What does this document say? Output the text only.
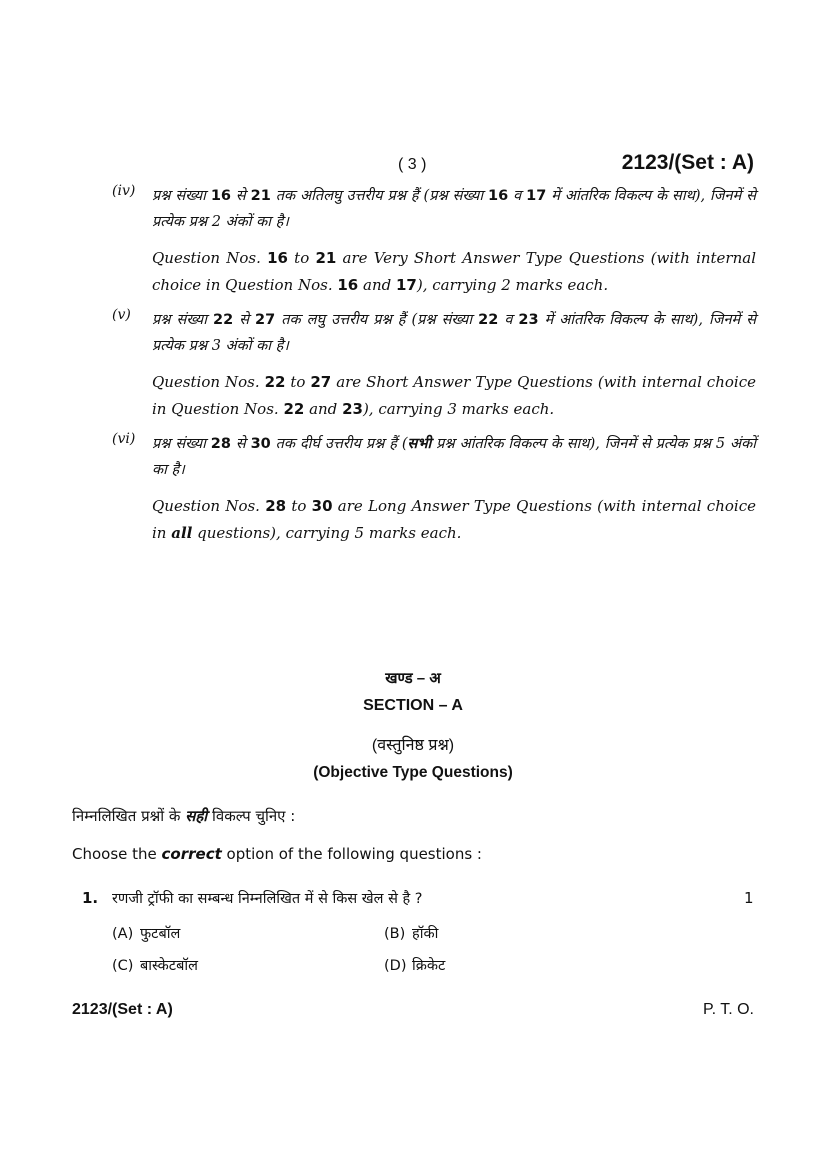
( 3 )	2123/(Set : A)
(iv) प्रश्न संख्या 16 से 21 तक अतिलघु उत्तरीय प्रश्न हैं (प्रश्न संख्या 16 व 17 में आंतरिक विकल्प के साथ), जिनमें से प्रत्येक प्रश्न 2 अंकों का है।
Question Nos. 16 to 21 are Very Short Answer Type Questions (with internal choice in Question Nos. 16 and 17), carrying 2 marks each.
(v) प्रश्न संख्या 22 से 27 तक लघु उत्तरीय प्रश्न हैं (प्रश्न संख्या 22 व 23 में आंतरिक विकल्प के साथ), जिनमें से प्रत्येक प्रश्न 3 अंकों का है।
Question Nos. 22 to 27 are Short Answer Type Questions (with internal choice in Question Nos. 22 and 23), carrying 3 marks each.
(vi) प्रश्न संख्या 28 से 30 तक दीर्घ उत्तरीय प्रश्न हैं (सभी प्रश्न आंतरिक विकल्प के साथ), जिनमें से प्रत्येक प्रश्न 5 अंकों का है।
Question Nos. 28 to 30 are Long Answer Type Questions (with internal choice in all questions), carrying 5 marks each.
खण्ड – अ
SECTION – A
(वस्तुनिष्ठ प्रश्न)
(Objective Type Questions)
निम्नलिखित प्रश्नों के सही विकल्प चुनिए :
Choose the correct option of the following questions :
1. रणजी ट्रॉफी का सम्बन्ध निम्नलिखित में से किस खेल से है ?	1
(A) फुटबॉल	(B) हॉकी
(C) बास्केटबॉल	(D) क्रिकेट
2123/(Set : A)	P. T. O.
